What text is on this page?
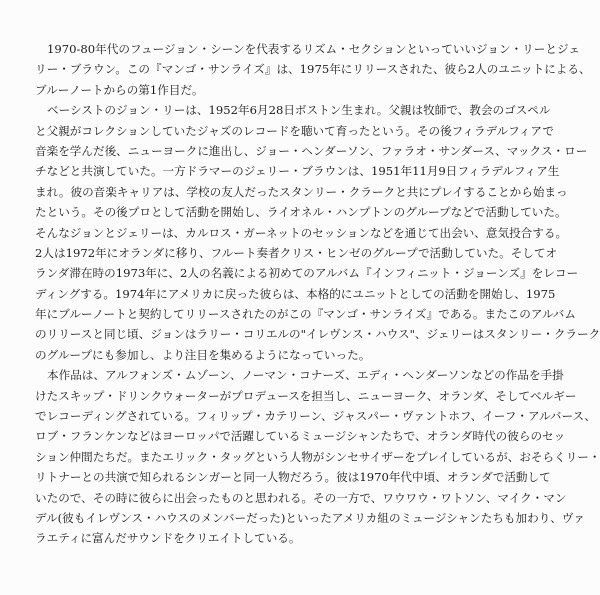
1970-80年代のフュージョン・シーンを代表するリズム・セクションといっていいジョン・リーとジェ
リー・ブラウン。この『マンゴ・サンライズ』は、1975年にリリースされた、彼ら2人のユニットによる、
ブルーノートからの第1作目だ。
ベーシストのジョン・リーは、1952年6月28日ボストン生まれ。父親は牧師で、教会のゴスペル
と父親がコレクションしていたジャズのレコードを聴いて育ったという。その後フィラデルフィアで
音楽を学んだ後、ニューヨークに進出し、ジョー・ヘンダーソン、ファラオ・サンダース、マックス・ロー
チなどと共演していた。一方ドラマーのジェリー・ブラウンは、1951年11月9日フィラデルフィア生
まれ。彼の音楽キャリアは、学校の友人だったスタンリー・クラークと共にプレイすることから始まっ
たという。その後プロとして活動を開始し、ライオネル・ハンプトンのグループなどで活動していた。
そんなジョンとジェリーは、カルロス・ガーネットのセッションなどを通じて出会い、意気投合する。
2人は1972年にオランダに移り、フルート奏者クリス・ヒンゼのグループで活動していた。そしてオ
ランダ滞在時の1973年に、2人の名義による初めてのアルバム『インフィニット・ジョーンズ』をレコー
ディングする。1974年にアメリカに戻った彼らは、本格的にユニットとしての活動を開始し、1975
年にブルーノートと契約してリリースされたのがこの『マンゴ・サンライズ』である。またこのアルバム
のリリースと同じ頃、ジョンはラリー・コリエルの"イレヴンス・ハウス"、ジェリーはスタンリー・クラーク
のグループにも参加し、より注目を集めるようになっていった。
本作品は、アルフォンズ・ムゾーン、ノーマン・コナーズ、エディ・ヘンダーソンなどの作品を手掛
けたスキップ・ドリンクウォーターがプロデュースを担当し、ニューヨーク、オランダ、そしてベルギー
でレコーディングされている。フィリップ・カテリーン、ジャスパー・ヴァントホフ、イーフ・アルバース、
ロブ・フランケンなどはヨーロッパで活躍しているミュージシャンたちで、オランダ時代の彼らのセッ
ション仲間たちだ。またエリック・タッグという人物がシンセサイザーをプレイしているが、おそらくリー・
リトナーとの共演で知られるシンガーと同一人物だろう。彼は1970年代中頃、オランダで活動して
いたので、その時に彼らに出会ったものと思われる。その一方で、ワウワウ・ワトソン、マイク・マン
デル(彼もイレヴンス・ハウスのメンバーだった)といったアメリカ組のミュージシャンたちも加わり、ヴァ
ラエティに富んだサウンドをクリエイトしている。
